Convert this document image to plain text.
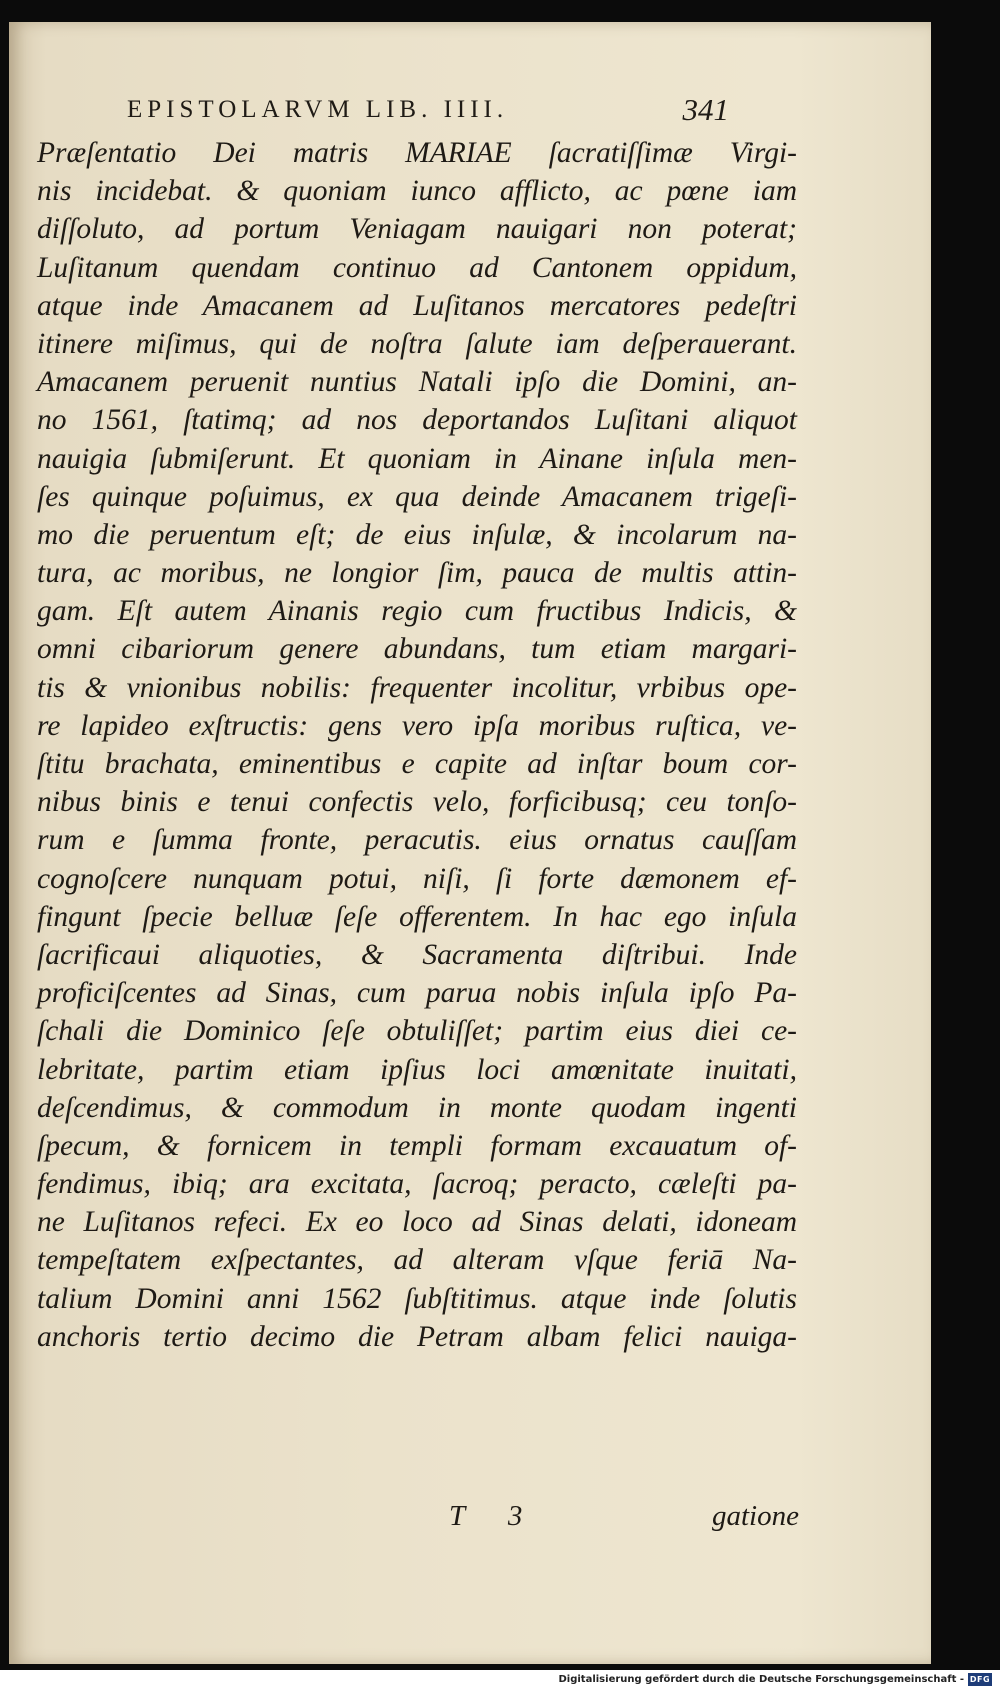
EPISTOLARVM LIB. IIII.	341
Præſentatio Dei matris MARIAE ſacratiſſimæ Virgi-
nis incidebat. & quoniam iunco afflicto, ac pœne iam
diſſoluto, ad portum Veniagam nauigari non poterat;
Luſitanum quendam continuo ad Cantonem oppidum,
atque inde Amacanem ad Luſitanos mercatores pedeſtri
itinere miſimus, qui de noſtra ſalute iam deſperauerant.
Amacanem peruenit nuntius Natali ipſo die Domini, an-
no 1561, ſtatimq; ad nos deportandos Luſitani aliquot
nauigia ſubmiſerunt. Et quoniam in Ainane inſula men-
ſes quinque poſuimus, ex qua deinde Amacanem trigeſi-
mo die peruentum eſt; de eius inſulæ, & incolarum na-
tura, ac moribus, ne longior ſim, pauca de multis attin-
gam. Eſt autem Ainanis regio cum fructibus Indicis, &
omni cibariorum genere abundans, tum etiam margari-
tis & vnionibus nobilis: frequenter incolitur, vrbibus ope-
re lapideo exſtructis: gens vero ipſa moribus ruſtica, ve-
ſtitu brachata, eminentibus e capite ad inſtar boum cor-
nibus binis e tenui confectis velo, forficibusq; ceu tonſo-
rum e ſumma fronte, peracutis. eius ornatus cauſſam
cognoſcere nunquam potui, niſi, ſi forte dæmonem ef-
fingunt ſpecie belluæ ſeſe offerentem. In hac ego inſula
ſacrificaui aliquoties, & Sacramenta diſtribui. Inde
proficiſcentes ad Sinas, cum parua nobis inſula ipſo Pa-
ſchali die Dominico ſeſe obtuliſſet; partim eius diei ce-
lebritate, partim etiam ipſius loci amœnitate inuitati,
deſcendimus, & commodum in monte quodam ingenti
ſpecum, & fornicem in templi formam excauatum of-
fendimus, ibiq; ara excitata, ſacroq; peracto, cæleſti pa-
ne Luſitanos refeci. Ex eo loco ad Sinas delati, idoneam
tempeſtatem exſpectantes, ad alteram vſque feriā Na-
talium Domini anni 1562 ſubſtitimus. atque inde ſolutis
anchoris tertio decimo die Petram albam felici nauiga-
T 3	gatione
Digitalisierung gefördert durch die Deutsche Forschungsgemeinschaft - DFG
